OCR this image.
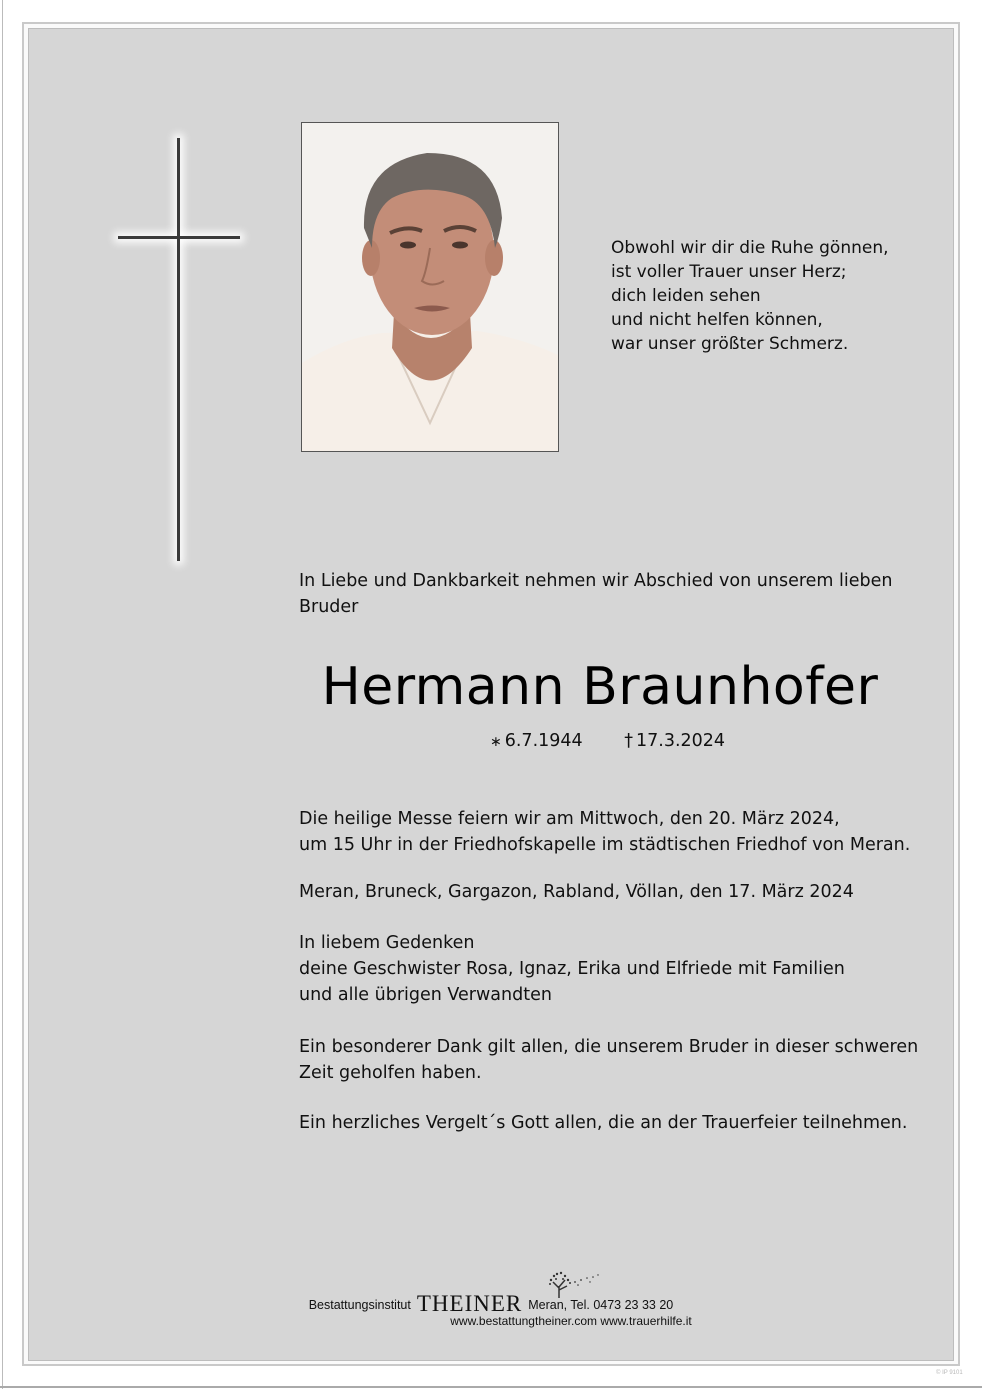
Obwohl wir dir die Ruhe gönnen,
ist voller Trauer unser Herz;
dich leiden sehen
und nicht helfen können,
war unser größter Schmerz.
In Liebe und Dankbarkeit nehmen wir Abschied von unserem lieben
Bruder
Hermann Braunhofer
∗ 6.7.1944 † 17.3.2024
Die heilige Messe feiern wir am Mittwoch, den 20. März 2024,
um 15 Uhr in der Friedhofskapelle im städtischen Friedhof von Meran.
Meran, Bruneck, Gargazon, Rabland, Völlan, den 17. März 2024
In liebem Gedenken
deine Geschwister Rosa, Ignaz, Erika und Elfriede mit Familien
und alle übrigen Verwandten
Ein besonderer Dank gilt allen, die unserem Bruder in dieser schweren
Zeit geholfen haben.
Ein herzliches Vergelt´s Gott allen, die an der Trauerfeier teilnehmen.
Bestattungsinstitut THEINER Meran, Tel. 0473 23 33 20
www.bestattungtheiner.com www.trauerhilfe.it
© IP 9101
